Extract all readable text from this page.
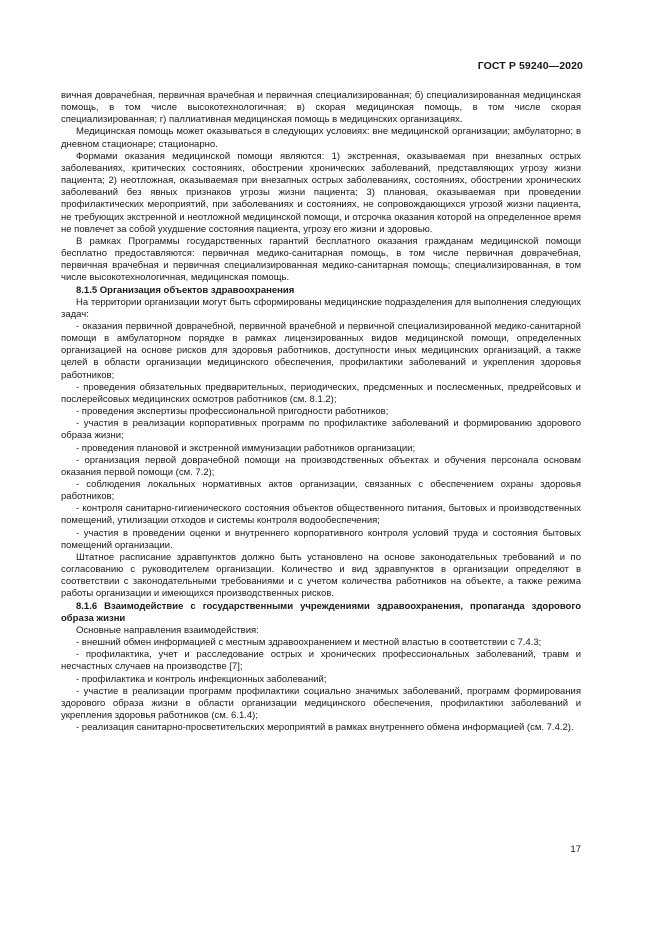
ГОСТ Р 59240—2020

вичная доврачебная, первичная врачебная и первичная специализированная; б) специализированная медицинская помощь, в том числе высокотехнологичная; в) скорая медицинская помощь, в том числе скорая специализированная; г) паллиативная медицинская помощь в медицинских организациях.

Медицинская помощь может оказываться в следующих условиях: вне медицинской организации; амбулаторно; в дневном стационаре; стационарно.

Формами оказания медицинской помощи являются: 1) экстренная, оказываемая при внезапных острых заболеваниях, критических состояниях, обострении хронических заболеваний, представляющих угрозу жизни пациента; 2) неотложная, оказываемая при внезапных острых заболеваниях, состояниях, обострении хронических заболеваний без явных признаков угрозы жизни пациента; 3) плановая, оказываемая при проведении профилактических мероприятий, при заболеваниях и состояниях, не сопровождающихся угрозой жизни пациента, не требующих экстренной и неотложной медицинской помощи, и отсрочка оказания которой на определенное время не повлечет за собой ухудшение состояния пациента, угрозу его жизни и здоровью.

В рамках Программы государственных гарантий бесплатного оказания гражданам медицинской помощи бесплатно предоставляются: первичная медико-санитарная помощь, в том числе первичная доврачебная, первичная врачебная и первичная специализированная медико-санитарная помощь; специализированная, в том числе высокотехнологичная, медицинская помощь.

8.1.5 Организация объектов здравоохранения

На территории организации могут быть сформированы медицинские подразделения для выполнения следующих задач:

- оказания первичной доврачебной, первичной врачебной и первичной специализированной медико-санитарной помощи в амбулаторном порядке в рамках лицензированных видов медицинской помощи, определенных организацией на основе рисков для здоровья работников, доступности иных медицинских организаций, а также целей в области организации медицинского обеспечения, профилактики заболеваний и укрепления здоровья работников;

- проведения обязательных предварительных, периодических, предсменных и послесменных, предрейсовых и послерейсовых медицинских осмотров работников (см. 8.1.2);

- проведения экспертизы профессиональной пригодности работников;

- участия в реализации корпоративных программ по профилактике заболеваний и формированию здорового образа жизни;

- проведения плановой и экстренной иммунизации работников организации;

- организация первой доврачебной помощи на производственных объектах и обучения персонала основам оказания первой помощи (см. 7.2);

- соблюдения локальных нормативных актов организации, связанных с обеспечением охраны здоровья работников;

- контроля санитарно-гигиенического состояния объектов общественного питания, бытовых и производственных помещений, утилизации отходов и системы контроля водообеспечения;

- участия в проведении оценки и внутреннего корпоративного контроля условий труда и состояния бытовых помещений организации.

Штатное расписание здравпунктов должно быть установлено на основе законодательных требований и по согласованию с руководителем организации. Количество и вид здравпунктов в организации определяют в соответствии с законодательными требованиями и с учетом количества работников на объекте, а также режима работы организации и имеющихся производственных рисков.

8.1.6 Взаимодействие с государственными учреждениями здравоохранения, пропаганда здорового образа жизни

Основные направления взаимодействия:

- внешний обмен информацией с местным здравоохранением и местной властью в соответствии с 7.4.3;

- профилактика, учет и расследование острых и хронических профессиональных заболеваний, травм и несчастных случаев на производстве [7];

- профилактика и контроль инфекционных заболеваний;

- участие в реализации программ профилактики социально значимых заболеваний, программ формирования здорового образа жизни в области организации медицинского обеспечения, профилактики заболеваний и укрепления здоровья работников (см. 6.1.4);

- реализация санитарно-просветительских мероприятий в рамках внутреннего обмена информацией (см. 7.4.2).

17
